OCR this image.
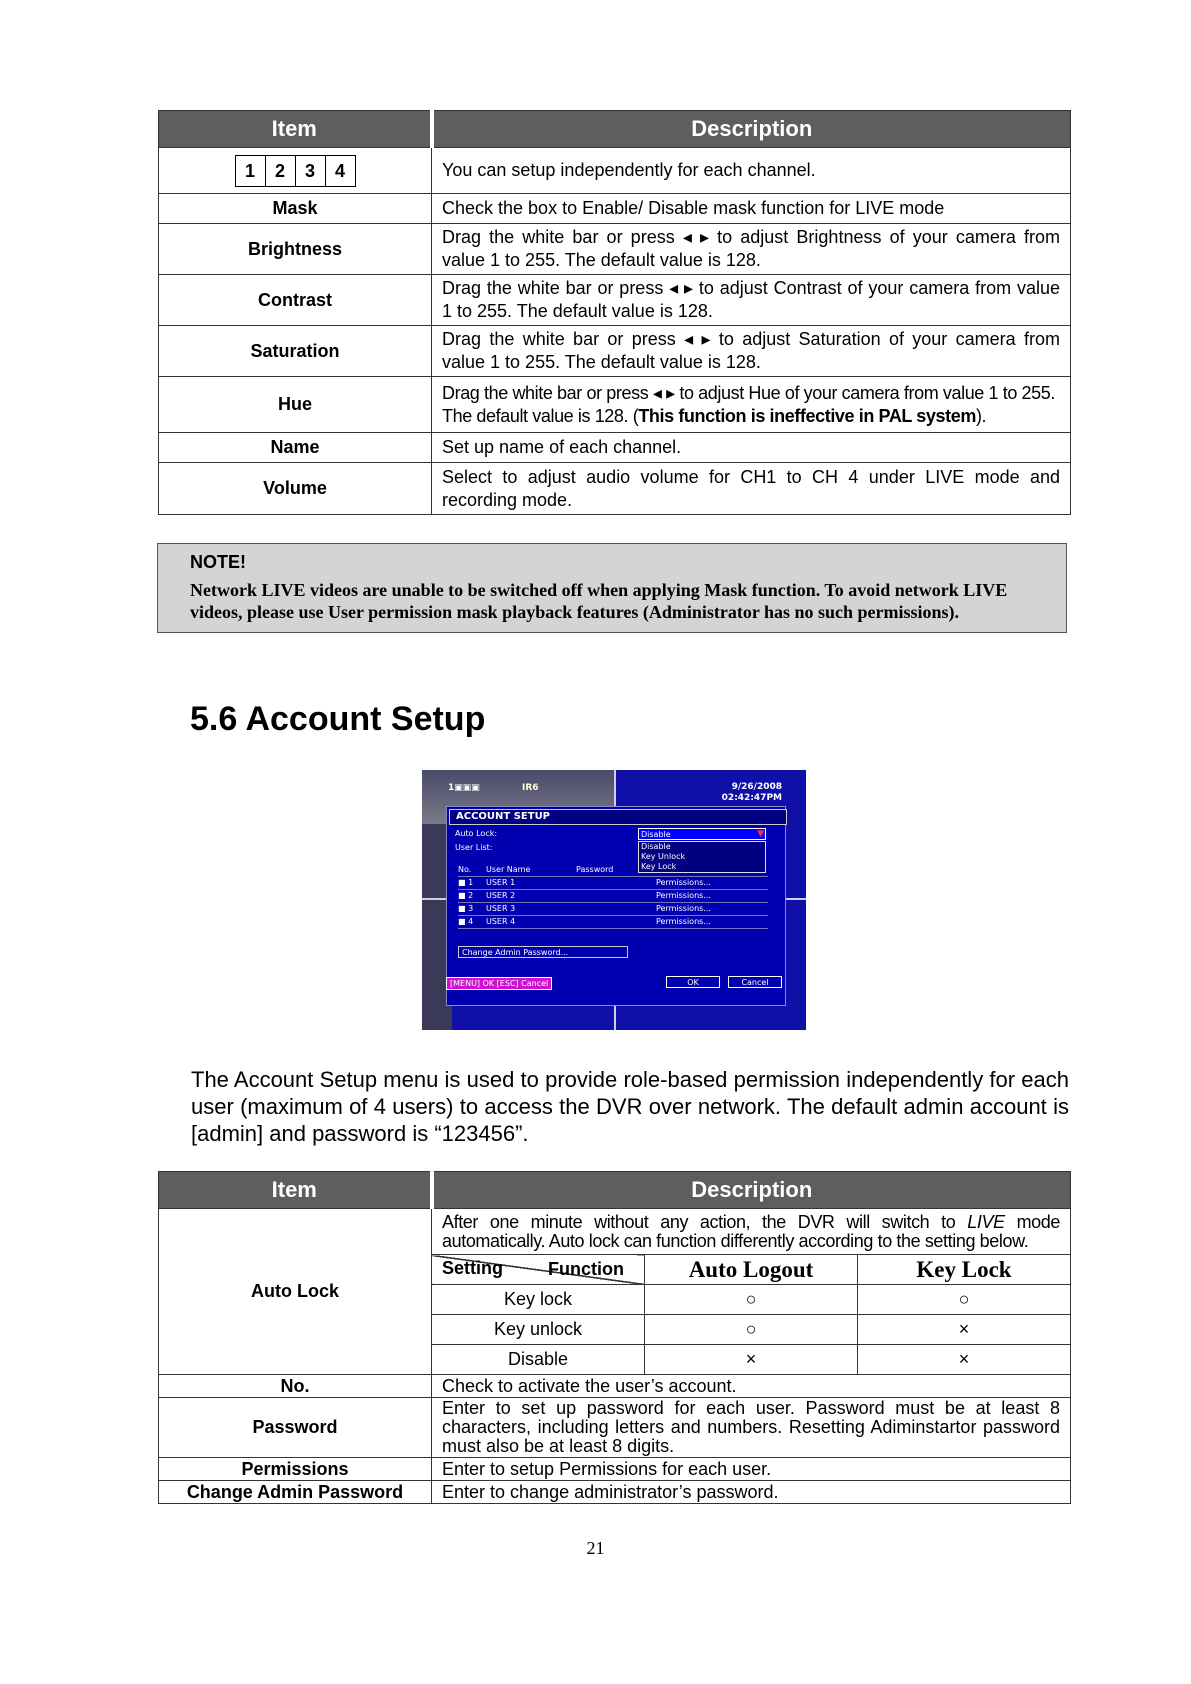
Item	Description

1 2 3 4	You can setup independently for each channel.
Mask	Check the box to Enable/ Disable mask function for LIVE mode
Brightness	Drag the white bar or press ◂ ▸ to adjust Brightness of your camera from value 1 to 255. The default value is 128.
Contrast	Drag the white bar or press ◂ ▸ to adjust Contrast of your camera from value 1 to 255. The default value is 128.
Saturation	Drag the white bar or press ◂ ▸ to adjust Saturation of your camera from value 1 to 255. The default value is 128.
Hue	Drag the white bar or press ◂ ▸ to adjust Hue of your camera from value 1 to 255. The default value is 128. (This function is ineffective in PAL system).
Name	Set up name of each channel.
Volume	Select to adjust audio volume for CH1 to CH 4 under LIVE mode and recording mode.
NOTE!
Network LIVE videos are unable to be switched off when applying Mask function. To avoid network LIVE videos, please use User permission mask playback features (Administrator has no such permissions).
5.6 Account Setup
1▣▣▣	IR6	9/26/2008
02:42:47PM
ACCOUNT SETUP
Auto Lock:
User List:
Disable	▼
Disable
Key Unlock
Key Lock
No. User Name	Password
■ 1 USER 1	Permissions...
■ 2 USER 2	Permissions...
■ 3 USER 3	Permissions...
■ 4 USER 4	Permissions...
Change Admin Password...
[MENU] OK [ESC] Cancel	OK	Cancel

The Account Setup menu is used to provide role-based permission independently for each user (maximum of 4 users) to access the DVR over network. The default admin account is [admin] and password is “123456”.

Item	Description		
Auto Lock	After one minute without any action, the DVR will switch to LIVE mode automatically. Auto lock can function differently according to the setting below.		

	Function
Setting	Auto Logout	Key Lock
	Key lock	○	○
	Key unlock	○	×
	Disable	×	×
No.	Check to activate the user’s account.		
Password	Enter to set up password for each user. Password must be at least 8 characters, including letters and numbers. Resetting Adiminstartor password must also be at least 8 digits.		
Permissions	Enter to setup Permissions for each user.		
Change Admin Password	Enter to change administrator’s password.		
21
